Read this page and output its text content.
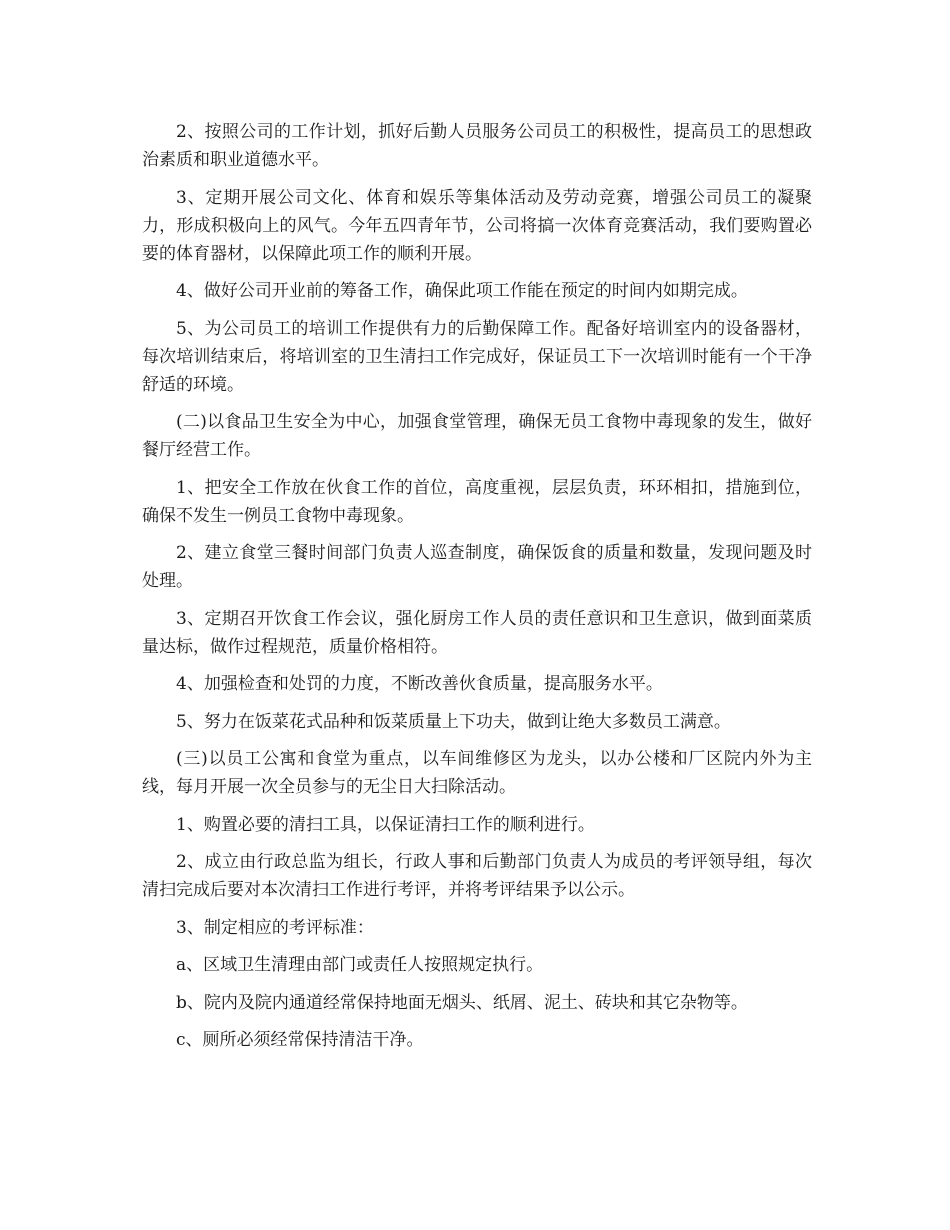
2、按照公司的工作计划，抓好后勤人员服务公司员工的积极性，提高员工的思想政治素质和职业道德水平。

3、定期开展公司文化、体育和娱乐等集体活动及劳动竞赛，增强公司员工的凝聚力，形成积极向上的风气。今年五四青年节，公司将搞一次体育竞赛活动，我们要购置必要的体育器材，以保障此项工作的顺利开展。

4、做好公司开业前的筹备工作，确保此项工作能在预定的时间内如期完成。

5、为公司员工的培训工作提供有力的后勤保障工作。配备好培训室内的设备器材，每次培训结束后，将培训室的卫生清扫工作完成好，保证员工下一次培训时能有一个干净舒适的环境。

(二)以食品卫生安全为中心，加强食堂管理，确保无员工食物中毒现象的发生，做好餐厅经营工作。

1、把安全工作放在伙食工作的首位，高度重视，层层负责，环环相扣，措施到位，确保不发生一例员工食物中毒现象。

2、建立食堂三餐时间部门负责人巡查制度，确保饭食的质量和数量，发现问题及时处理。

3、定期召开饮食工作会议，强化厨房工作人员的责任意识和卫生意识，做到面菜质量达标，做作过程规范，质量价格相符。

4、加强检查和处罚的力度，不断改善伙食质量，提高服务水平。

5、努力在饭菜花式品种和饭菜质量上下功夫，做到让绝大多数员工满意。

(三)以员工公寓和食堂为重点，以车间维修区为龙头，以办公楼和厂区院内外为主线，每月开展一次全员参与的无尘日大扫除活动。

1、购置必要的清扫工具，以保证清扫工作的顺利进行。

2、成立由行政总监为组长，行政人事和后勤部门负责人为成员的考评领导组，每次清扫完成后要对本次清扫工作进行考评，并将考评结果予以公示。

3、制定相应的考评标准：

a、区域卫生清理由部门或责任人按照规定执行。

b、院内及院内通道经常保持地面无烟头、纸屑、泥土、砖块和其它杂物等。

c、厕所必须经常保持清洁干净。
